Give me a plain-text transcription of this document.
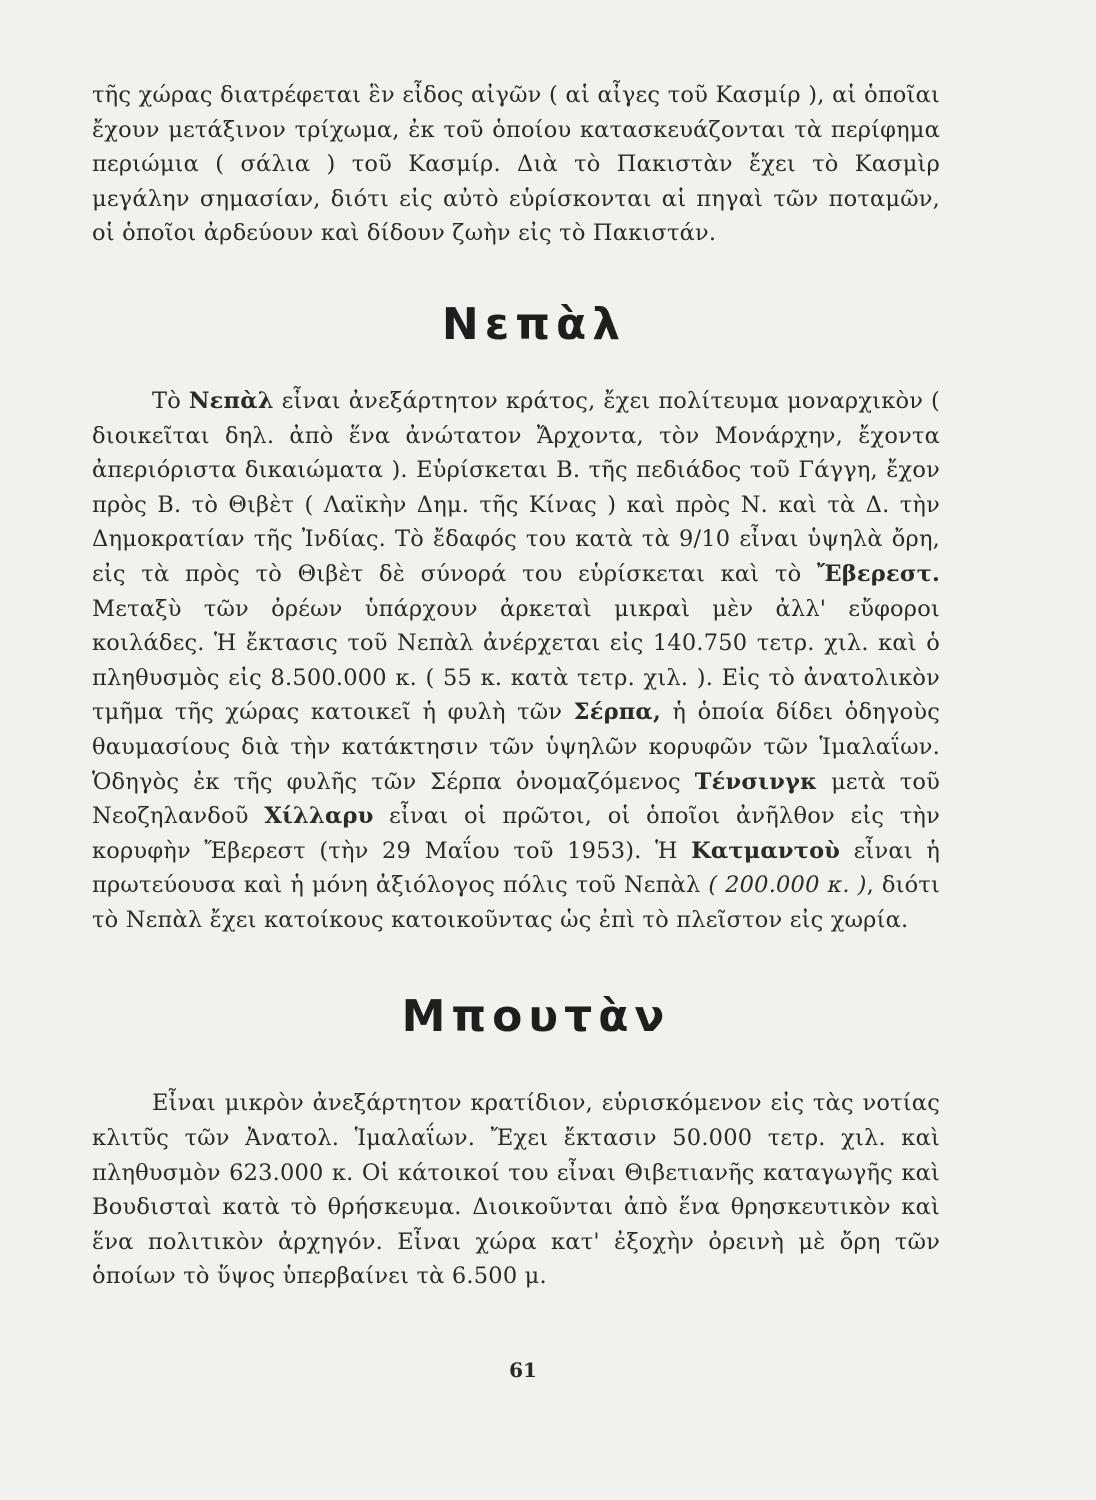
τῆς χώρας διατρέφεται ἓν εἶδος αἰγῶν ( αἱ αἶγες τοῦ Κασμίρ ), αἱ ὁποῖαι ἔχουν μετάξινον τρίχωμα, ἐκ τοῦ ὁποίου κατασκευάζονται τὰ περίφημα περιώμια ( σάλια ) τοῦ Κασμίρ. Διὰ τὸ Πακιστὰν ἔχει τὸ Κασμὶρ μεγάλην σημασίαν, διότι εἰς αὐτὸ εὑρίσκονται αἱ πηγαὶ τῶν ποταμῶν, οἱ ὁποῖοι ἀρδεύουν καὶ δίδουν ζωὴν εἰς τὸ Πακιστάν.

Νεπὰλ

Τὸ Νεπὰλ εἶναι ἀνεξάρτητον κράτος, ἔχει πολίτευμα μοναρχικὸν ( διοικεῖται δηλ. ἀπὸ ἕνα ἀνώτατον Ἄρχοντα, τὸν Μονάρχην, ἔχοντα ἀπεριόριστα δικαιώματα ). Εὑρίσκεται Β. τῆς πεδιάδος τοῦ Γάγγη, ἔχον πρὸς Β. τὸ Θιβὲτ ( Λαϊκὴν Δημ. τῆς Κίνας ) καὶ πρὸς Ν. καὶ τὰ Δ. τὴν Δημοκρατίαν τῆς Ἰνδίας. Τὸ ἔδαφός του κατὰ τὰ 9/10 εἶναι ὑψηλὰ ὄρη, εἰς τὰ πρὸς τὸ Θιβὲτ δὲ σύνορά του εὑρίσκεται καὶ τὸ Ἔβερεστ. Μεταξὺ τῶν ὀρέων ὑπάρχουν ἀρκεταὶ μικραὶ μὲν ἀλλ' εὔφοροι κοιλάδες. Ἡ ἔκτασις τοῦ Νεπὰλ ἀνέρχεται εἰς 140.750 τετρ. χιλ. καὶ ὁ πληθυσμὸς εἰς 8.500.000 κ. ( 55 κ. κατὰ τετρ. χιλ. ). Εἰς τὸ ἀνατολικὸν τμῆμα τῆς χώρας κατοικεῖ ἡ φυλὴ τῶν Σέρπα, ἡ ὁποία δίδει ὁδηγοὺς θαυμασίους διὰ τὴν κατάκτησιν τῶν ὑψηλῶν κορυφῶν τῶν Ἱμαλαΐων. Ὁδηγὸς ἐκ τῆς φυλῆς τῶν Σέρπα ὀνομαζόμενος Τένσινγκ μετὰ τοῦ Νεοζηλανδοῦ Χίλλαρυ εἶναι οἱ πρῶτοι, οἱ ὁποῖοι ἀνῆλθον εἰς τὴν κορυφὴν Ἔβερεστ (τὴν 29 Μαΐου τοῦ 1953). Ἡ Κατμαντοὺ εἶναι ἡ πρωτεύουσα καὶ ἡ μόνη ἀξιόλογος πόλις τοῦ Νεπὰλ ( 200.000 κ. ), διότι τὸ Νεπὰλ ἔχει κατοίκους κατοικοῦντας ὡς ἐπὶ τὸ πλεῖστον εἰς χωρία.

Μπουτὰν

Εἶναι μικρὸν ἀνεξάρτητον κρατίδιον, εὑρισκόμενον εἰς τὰς νοτίας κλιτῦς τῶν Ἀνατολ. Ἱμαλαΐων. Ἔχει ἔκτασιν 50.000 τετρ. χιλ. καὶ πληθυσμὸν 623.000 κ. Οἱ κάτοικοί του εἶναι Θιβετιανῆς καταγωγῆς καὶ Βουδισταὶ κατὰ τὸ θρήσκευμα. Διοικοῦνται ἀπὸ ἕνα θρησκευτικὸν καὶ ἕνα πολιτικὸν ἀρχηγόν. Εἶναι χώρα κατ' ἐξοχὴν ὀρεινὴ μὲ ὄρη τῶν ὁποίων τὸ ὕψος ὑπερβαίνει τὰ 6.500 μ.

61
